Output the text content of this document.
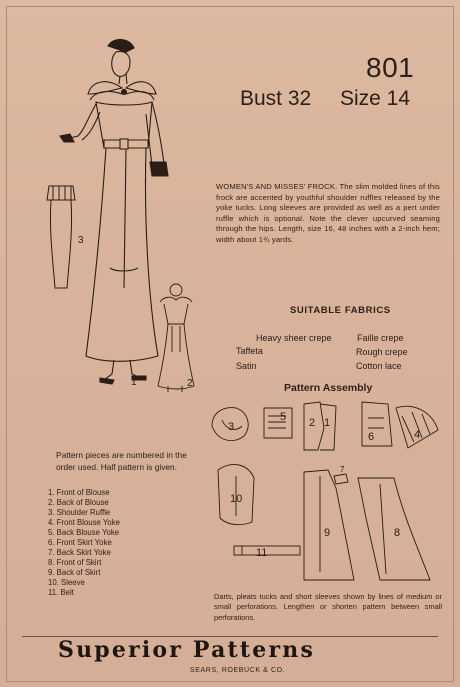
3
1	2
801
Bust 32 Size 14
WOMEN'S AND MISSES' FROCK. The slim molded lines of this frock are accented by youthful shoulder ruffles released by the yoke tucks. Long sleeves are provided as well as a pert under ruffle which is optional. Note the clever upcurved seaming through the hips. Length, size 16, 48 inches with a 2-inch hem; width about 1¾ yards.
SUITABLE FABRICS
Heavy sheer crepe
Taffeta
Satin
Faille crepe
Rough crepe
Cotton lace
Pattern Assembly
3
5 2 1
6	4
10
11
9	8
7
Pattern pieces are numbered in the order used. Half pattern is given.
1. Front of Blouse
2. Back of Blouse
3. Shoulder Ruffle
4. Front Blouse Yoke
5. Back Blouse Yoke
6. Front Skirt Yoke
7. Back Skirt Yoke
8. Front of Skirt
9. Back of Skirt
10. Sleeve
11. Belt	Darts, pleats tucks and short sleeves shown by lines of medium or small perforations. Lengthen or shorten pattern between small perforations.
Superior Patterns
SEARS, ROEBUCK & CO.
